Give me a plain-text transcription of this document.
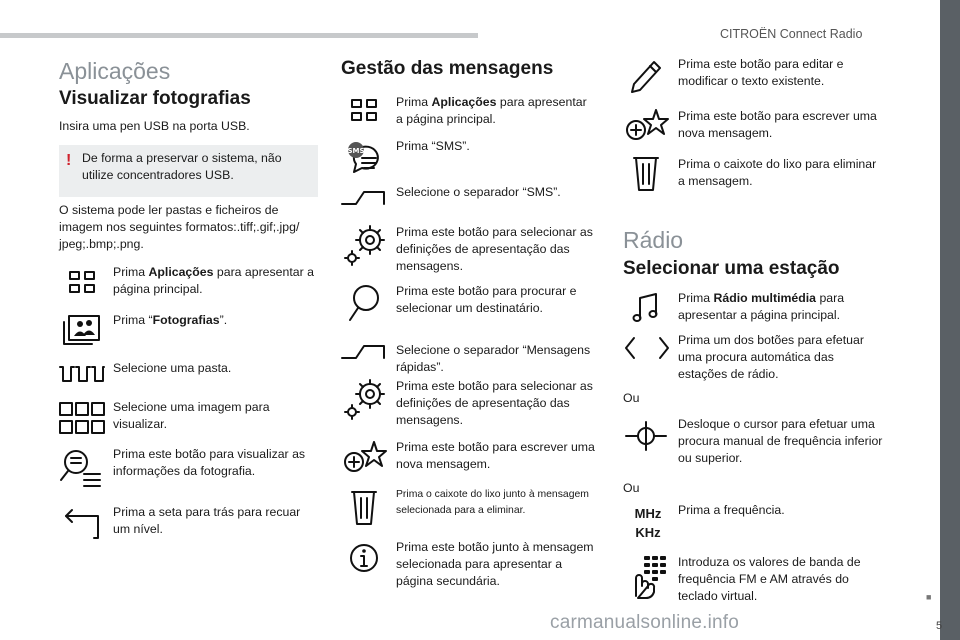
CITROËN Connect Radio
■
5
Aplicações
Visualizar fotografias
Insira uma pen USB na porta USB.
! De forma a preservar o sistema, não utilize concentradores USB.
O sistema pode ler pastas e ficheiros de imagem nos seguintes formatos:.tiff;.gif;.jpg/ jpeg;.bmp;.png.
Prima Aplicações para apresentar a página principal.
Prima “Fotografias”.
Selecione uma pasta.
Selecione uma imagem para visualizar.
Prima este botão para visualizar as informações da fotografia.
Prima a seta para trás para recuar um nível.
Gestão das mensagens
Prima Aplicações para apresentar a página principal.
SMS	Prima “SMS”.
Selecione o separador “SMS”.
Prima este botão para selecionar as definições de apresentação das mensagens.
Prima este botão para procurar e selecionar um destinatário.
Selecione o separador “Mensagens rápidas”.
Prima este botão para selecionar as definições de apresentação das mensagens.
Prima este botão para escrever uma nova mensagem.
Prima o caixote do lixo junto à mensagem selecionada para a eliminar.
Prima este botão junto à mensagem selecionada para apresentar a página secundária.
Prima este botão para editar e modificar o texto existente.
Prima este botão para escrever uma nova mensagem.
Prima o caixote do lixo para eliminar a mensagem.
Rádio
Selecionar uma estação
Prima Rádio multimédia para apresentar a página principal.
Prima um dos botões para efetuar uma procura automática das estações de rádio.
Ou
Desloque o cursor para efetuar uma procura manual de frequência inferior ou superior.
Ou
MHz
KHz
Prima a frequência.
Introduza os valores de banda de frequência FM e AM através do teclado virtual.
carmanualsonline.info
